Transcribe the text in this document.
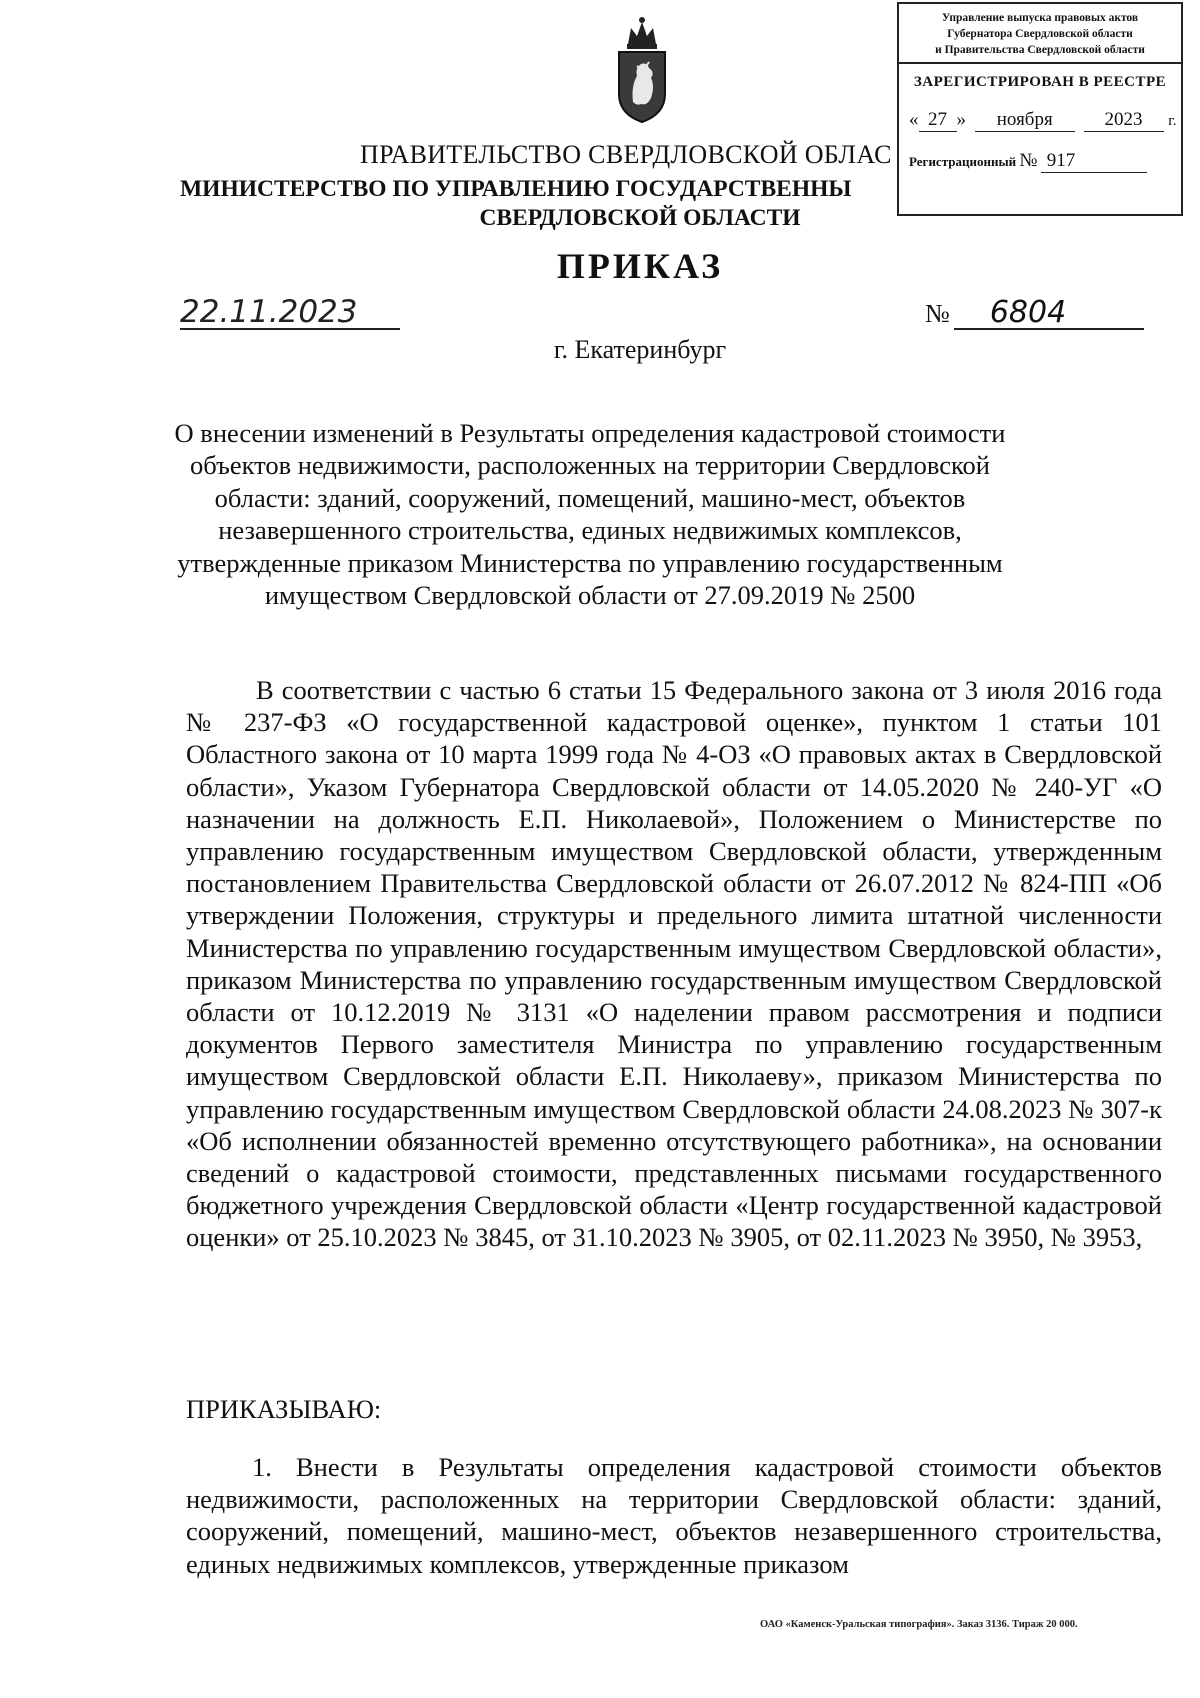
Управление выпуска правовых актов
Губернатора Свердловской области
и Правительства Свердловской области
ЗАРЕГИСТРИРОВАН В РЕЕСТРЕ
« 27 » ноября	2023 г.
Регистрационный № 917
ПРАВИТЕЛЬСТВО СВЕРДЛОВСКОЙ ОБЛАС
МИНИСТЕРСТВО ПО УПРАВЛЕНИЮ ГОСУДАРСТВЕННЫ
СВЕРДЛОВСКОЙ ОБЛАСТИ
ПРИКАЗ
22.11.2023	№ 6804
г. Екатеринбург
О внесении изменений в Результаты определения кадастровой стоимости объектов недвижимости, расположенных на территории Свердловской области: зданий, сооружений, помещений, машино-мест, объектов незавершенного строительства, единых недвижимых комплексов, утвержденные приказом Министерства по управлению государственным имуществом Свердловской области от 27.09.2019 № 2500
В соответствии с частью 6 статьи 15 Федерального закона от 3 июля 2016 года № 237-ФЗ «О государственной кадастровой оценке», пунктом 1 статьи 101 Областного закона от 10 марта 1999 года № 4-ОЗ «О правовых актах в Свердловской области», Указом Губернатора Свердловской области от 14.05.2020 № 240-УГ «О назначении на должность Е.П. Николаевой», Положением о Министерстве по управлению государственным имуществом Свердловской области, утвержденным постановлением Правительства Свердловской области от 26.07.2012 № 824-ПП «Об утверждении Положения, структуры и предельного лимита штатной численности Министерства по управлению государственным имуществом Свердловской области», приказом Министерства по управлению государственным имуществом Свердловской области от 10.12.2019 № 3131 «О наделении правом рассмотрения и подписи документов Первого заместителя Министра по управлению государственным имуществом Свердловской области Е.П. Николаеву», приказом Министерства по управлению государственным имуществом Свердловской области 24.08.2023 № 307-к «Об исполнении обязанностей временно отсутствующего работника», на основании сведений о кадастровой стоимости, представленных письмами государственного бюджетного учреждения Свердловской области «Центр государственной кадастровой оценки» от 25.10.2023 № 3845, от 31.10.2023 № 3905, от 02.11.2023 № 3950, № 3953,
ПРИКАЗЫВАЮ:
1. Внести в Результаты определения кадастровой стоимости объектов недвижимости, расположенных на территории Свердловской области: зданий, сооружений, помещений, машино-мест, объектов незавершенного строительства, единых недвижимых комплексов, утвержденные приказом
ОАО «Каменск-Уральская типография». Заказ 3136. Тираж 20 000.
